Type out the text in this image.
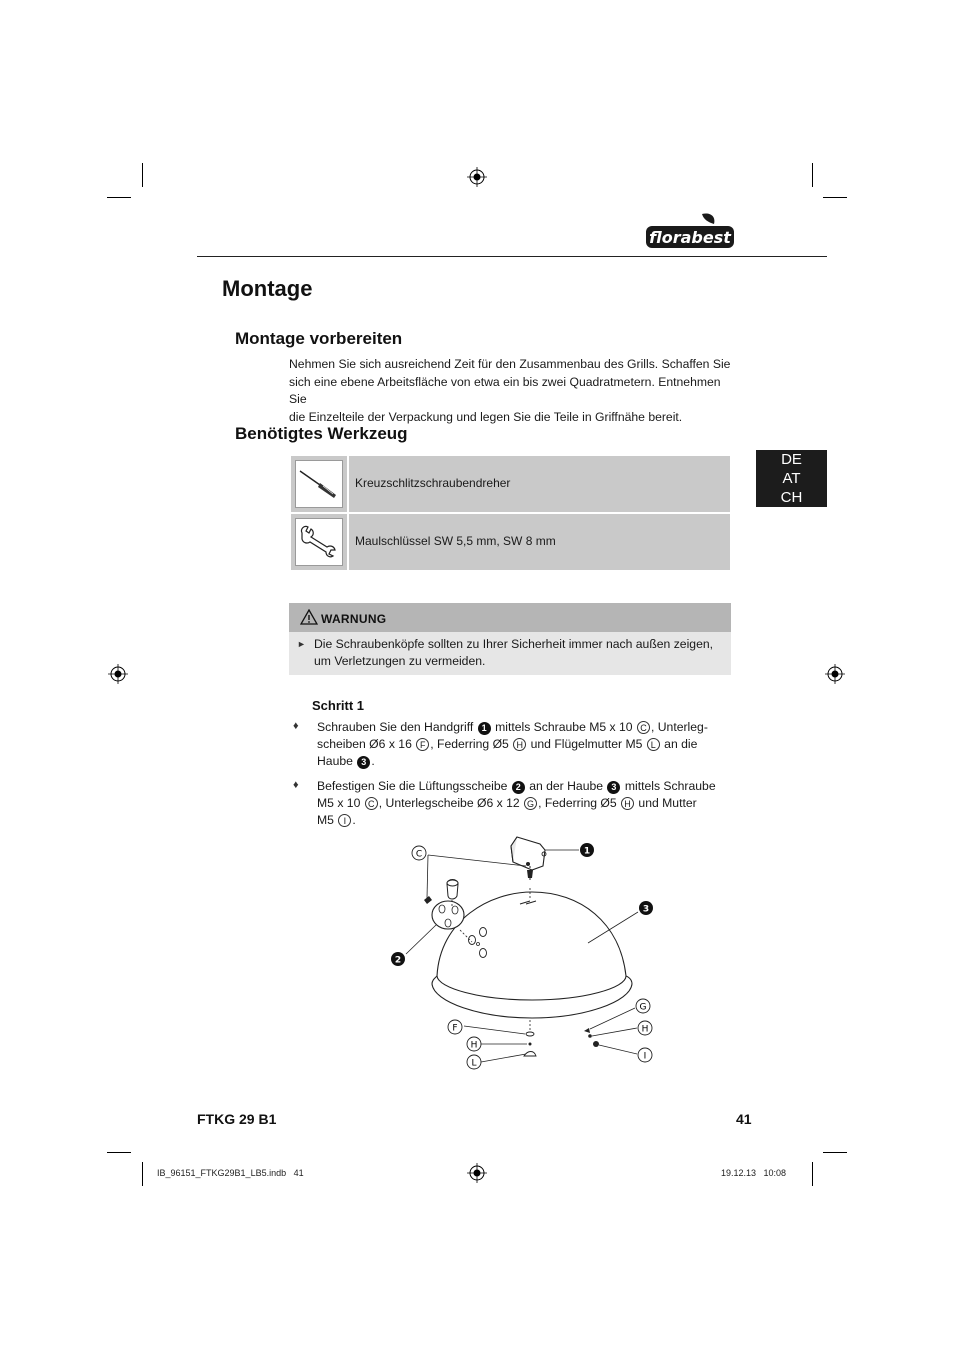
florabest
Montage
Montage vorbereiten
Nehmen Sie sich ausreichend Zeit für den Zusammenbau des Grills. Schaffen Sie
sich eine ebene Arbeitsfläche von etwa ein bis zwei Quadratmetern. Entnehmen Sie
die Einzelteile der Verpackung und legen Sie die Teile in Griffnähe bereit.
Benötigtes Werkzeug
DE
AT
CH
Kreuzschlitzschraubendreher
Maulschlüssel SW 5,5 mm, SW 8 mm
WARNUNG
► Die Schraubenköpfe sollten zu Ihrer Sicherheit immer nach außen zeigen,
um Verletzungen zu vermeiden.
Schritt 1
♦ Schrauben Sie den Handgriff 1 mittels Schraube M5 x 10 C , Unterleg-
scheiben Ø6 x 16 F , Federring Ø5 H und Flügelmutter M5 L an die
Haube 3 .
♦ Befestigen Sie die Lüftungsscheibe 2 an der Haube 3 mittels Schraube
M5 x 10 C , Unterlegscheibe Ø6 x 12 G , Federring Ø5 H und Mutter
M5 I .
C	1
3
2
G
F	H
H
L
I
FTKG 29 B1	41
IB_96151_FTKG29B1_LB5.indb   41	19.12.13   10:08
